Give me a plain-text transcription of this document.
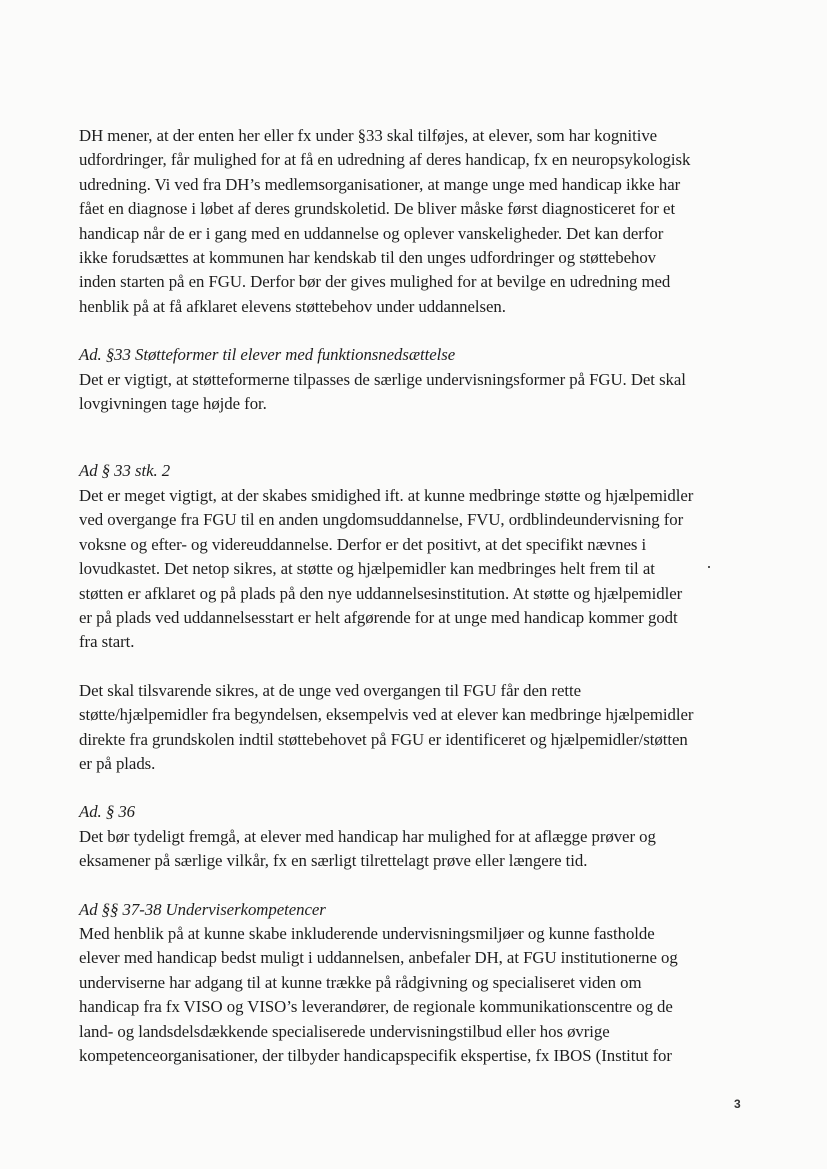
DH mener, at der enten her eller fx under §33 skal tilføjes, at elever, som har kognitive
udfordringer, får mulighed for at få en udredning af deres handicap, fx en neuropsykologisk
udredning. Vi ved fra DH’s medlemsorganisationer, at mange unge med handicap ikke har
fået en diagnose i løbet af deres grundskoletid. De bliver måske først diagnosticeret for et
handicap når de er i gang med en uddannelse og oplever vanskeligheder. Det kan derfor
ikke forudsættes at kommunen har kendskab til den unges udfordringer og støttebehov
inden starten på en FGU. Derfor bør der gives mulighed for at bevilge en udredning med
henblik på at få afklaret elevens støttebehov under uddannelsen.
Ad. §33 Støtteformer til elever med funktionsnedsættelse
Det er vigtigt, at støtteformerne tilpasses de særlige undervisningsformer på FGU. Det skal
lovgivningen tage højde for.
Ad § 33 stk. 2
Det er meget vigtigt, at der skabes smidighed ift. at kunne medbringe støtte og hjælpemidler
ved overgange fra FGU til en anden ungdomsuddannelse, FVU, ordblindeundervisning for
voksne og efter- og videreuddannelse. Derfor er det positivt, at det specifikt nævnes i
lovudkastet. Det netop sikres, at støtte og hjælpemidler kan medbringes helt frem til at
støtten er afklaret og på plads på den nye uddannelsesinstitution. At støtte og hjælpemidler
er på plads ved uddannelsesstart er helt afgørende for at unge med handicap kommer godt
fra start.
Det skal tilsvarende sikres, at de unge ved overgangen til FGU får den rette
støtte/hjælpemidler fra begyndelsen, eksempelvis ved at elever kan medbringe hjælpemidler
direkte fra grundskolen indtil støttebehovet på FGU er identificeret og hjælpemidler/støtten
er på plads.
Ad. § 36
Det bør tydeligt fremgå, at elever med handicap har mulighed for at aflægge prøver og
eksamener på særlige vilkår, fx en særligt tilrettelagt prøve eller længere tid.
Ad §§ 37-38 Underviserkompetencer
Med henblik på at kunne skabe inkluderende undervisningsmiljøer og kunne fastholde
elever med handicap bedst muligt i uddannelsen, anbefaler DH, at FGU institutionerne og
underviserne har adgang til at kunne trække på rådgivning og specialiseret viden om
handicap fra fx VISO og VISO’s leverandører, de regionale kommunikationscentre og de
land- og landsdelsdækkende specialiserede undervisningstilbud eller hos øvrige
kompetenceorganisationer, der tilbyder handicapspecifik ekspertise, fx IBOS (Institut for
3
